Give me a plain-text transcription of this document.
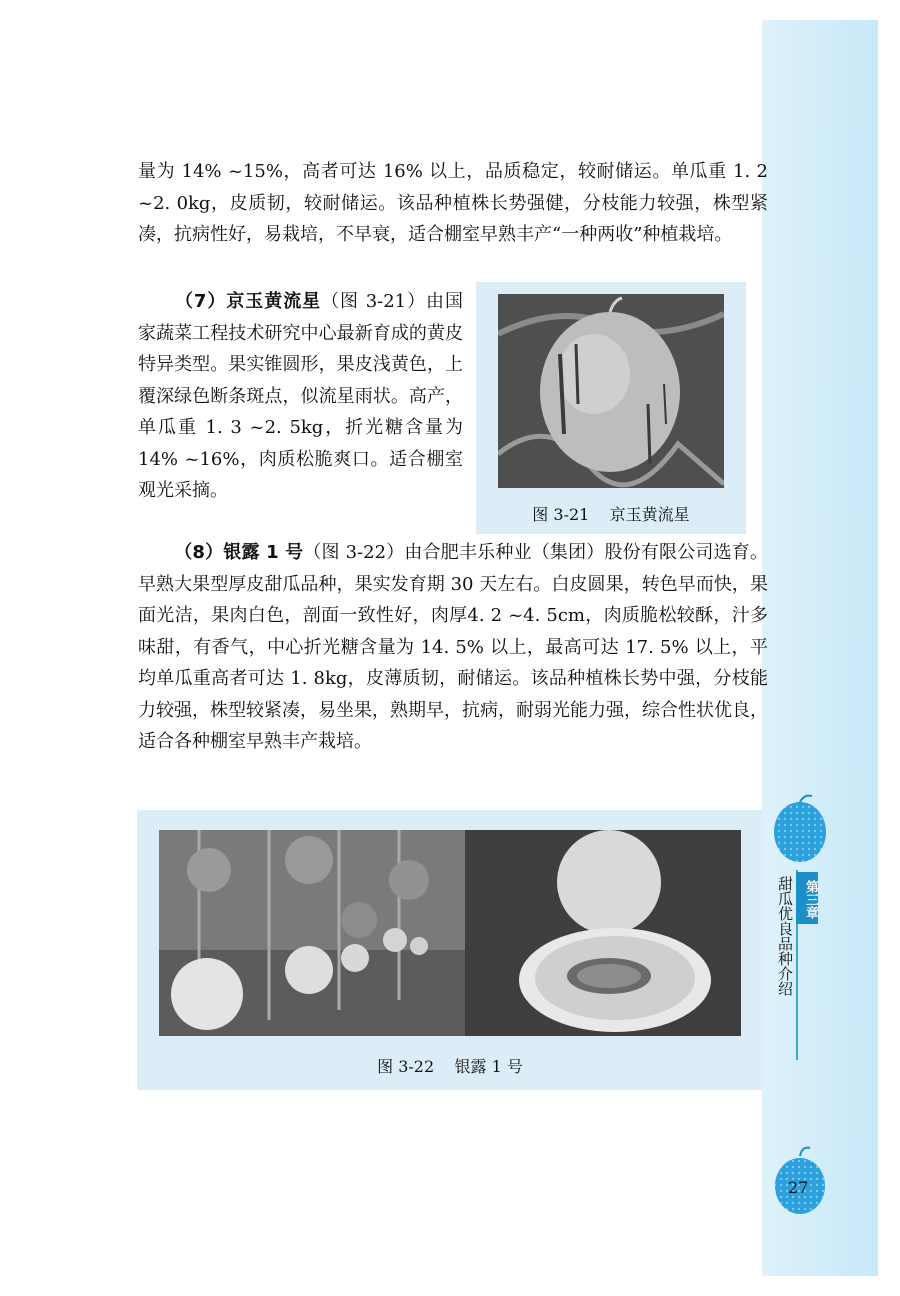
第三章
甜瓜优良品种介绍

量为 14% ~15%，高者可达 16% 以上，品质稳定，较耐储运。单瓜重 1. 2 ~2. 0kg，皮质韧，较耐储运。该品种植株长势强健，分枝能力较强，株型紧凑，抗病性好，易栽培，不早衰，适合棚室早熟丰产“一种两收”种植栽培。

（7）京玉黄流星（图 3-21）由国家蔬菜工程技术研究中心最新育成的黄皮特异类型。果实锥圆形，果皮浅黄色，上覆深绿色断条斑点，似流星雨状。高产，单瓜重 1. 3 ~2. 5kg，折光糖含量为 14% ~16%，肉质松脆爽口。适合棚室观光采摘。

图 3-21    京玉黄流星

（8）银露 1 号（图 3-22）由合肥丰乐种业（集团）股份有限公司选育。早熟大果型厚皮甜瓜品种，果实发育期 30 天左右。白皮圆果，转色早而快，果面光洁，果肉白色，剖面一致性好，肉厚4. 2 ~4. 5cm，肉质脆松较酥，汁多味甜，有香气，中心折光糖含量为 14. 5% 以上，最高可达 17. 5% 以上，平均单瓜重高者可达 1. 8kg，皮薄质韧，耐储运。该品种植株长势中强，分枝能力较强，株型较紧凑，易坐果，熟期早，抗病，耐弱光能力强，综合性状优良，适合各种棚室早熟丰产栽培。

图 3-22    银露 1 号
27
